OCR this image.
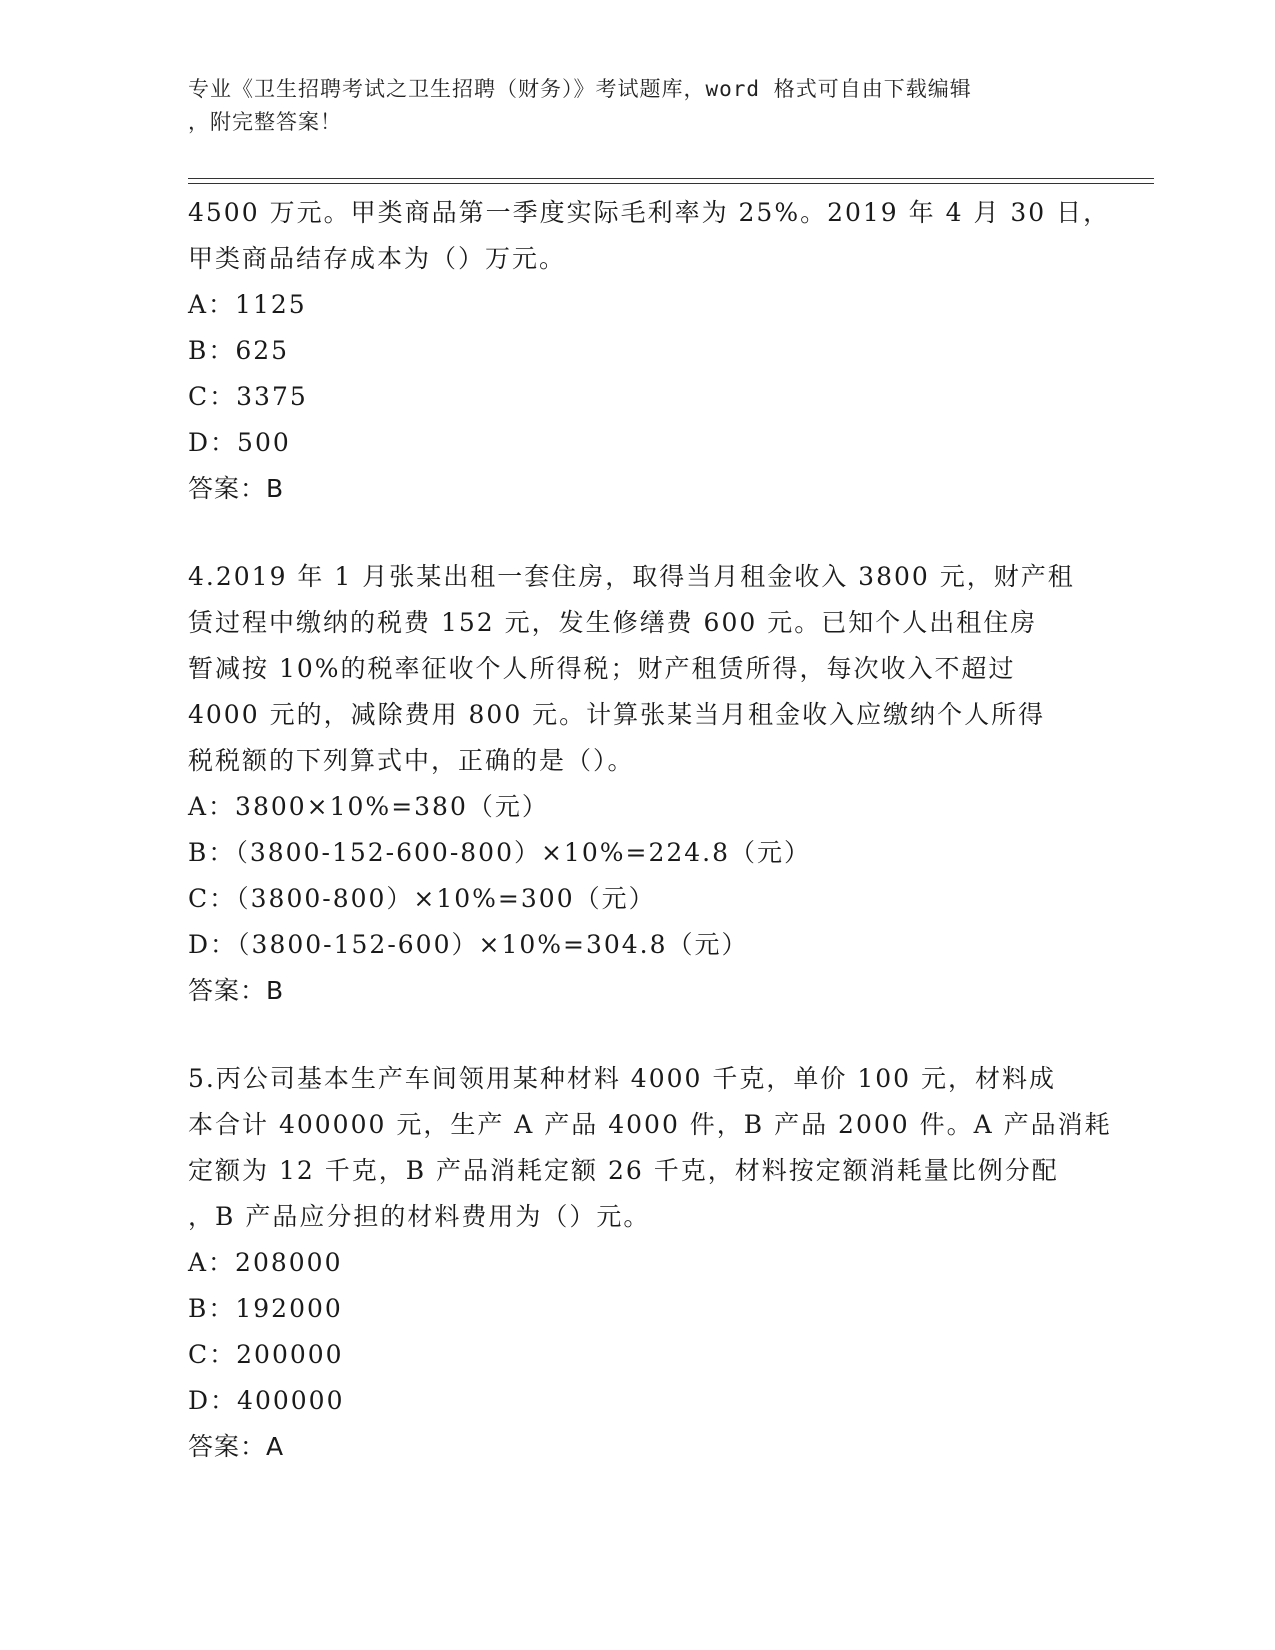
专业《卫生招聘考试之卫生招聘（财务）》考试题库，word 格式可自由下载编辑
，附完整答案！
4500 万元。甲类商品第一季度实际毛利率为 25%。2019 年 4 月 30 日，
甲类商品结存成本为（）万元。
A：1125
B：625
C：3375
D：500
答案：B
4.2019 年 1 月张某出租一套住房，取得当月租金收入 3800 元，财产租
赁过程中缴纳的税费 152 元，发生修缮费 600 元。已知个人出租住房
暂减按 10%的税率征收个人所得税；财产租赁所得，每次收入不超过
4000 元的，减除费用 800 元。计算张某当月租金收入应缴纳个人所得
税税额的下列算式中，正确的是（）。
A：3800×10%=380（元）
B：（3800-152-600-800）×10%=224.8（元）
C：（3800-800）×10%=300（元）
D：（3800-152-600）×10%=304.8（元）
答案：B
5.丙公司基本生产车间领用某种材料 4000 千克，单价 100 元，材料成
本合计 400000 元，生产 A 产品 4000 件，B 产品 2000 件。A 产品消耗
定额为 12 千克，B 产品消耗定额 26 千克，材料按定额消耗量比例分配
，B 产品应分担的材料费用为（）元。
A：208000
B：192000
C：200000
D：400000
答案：A
